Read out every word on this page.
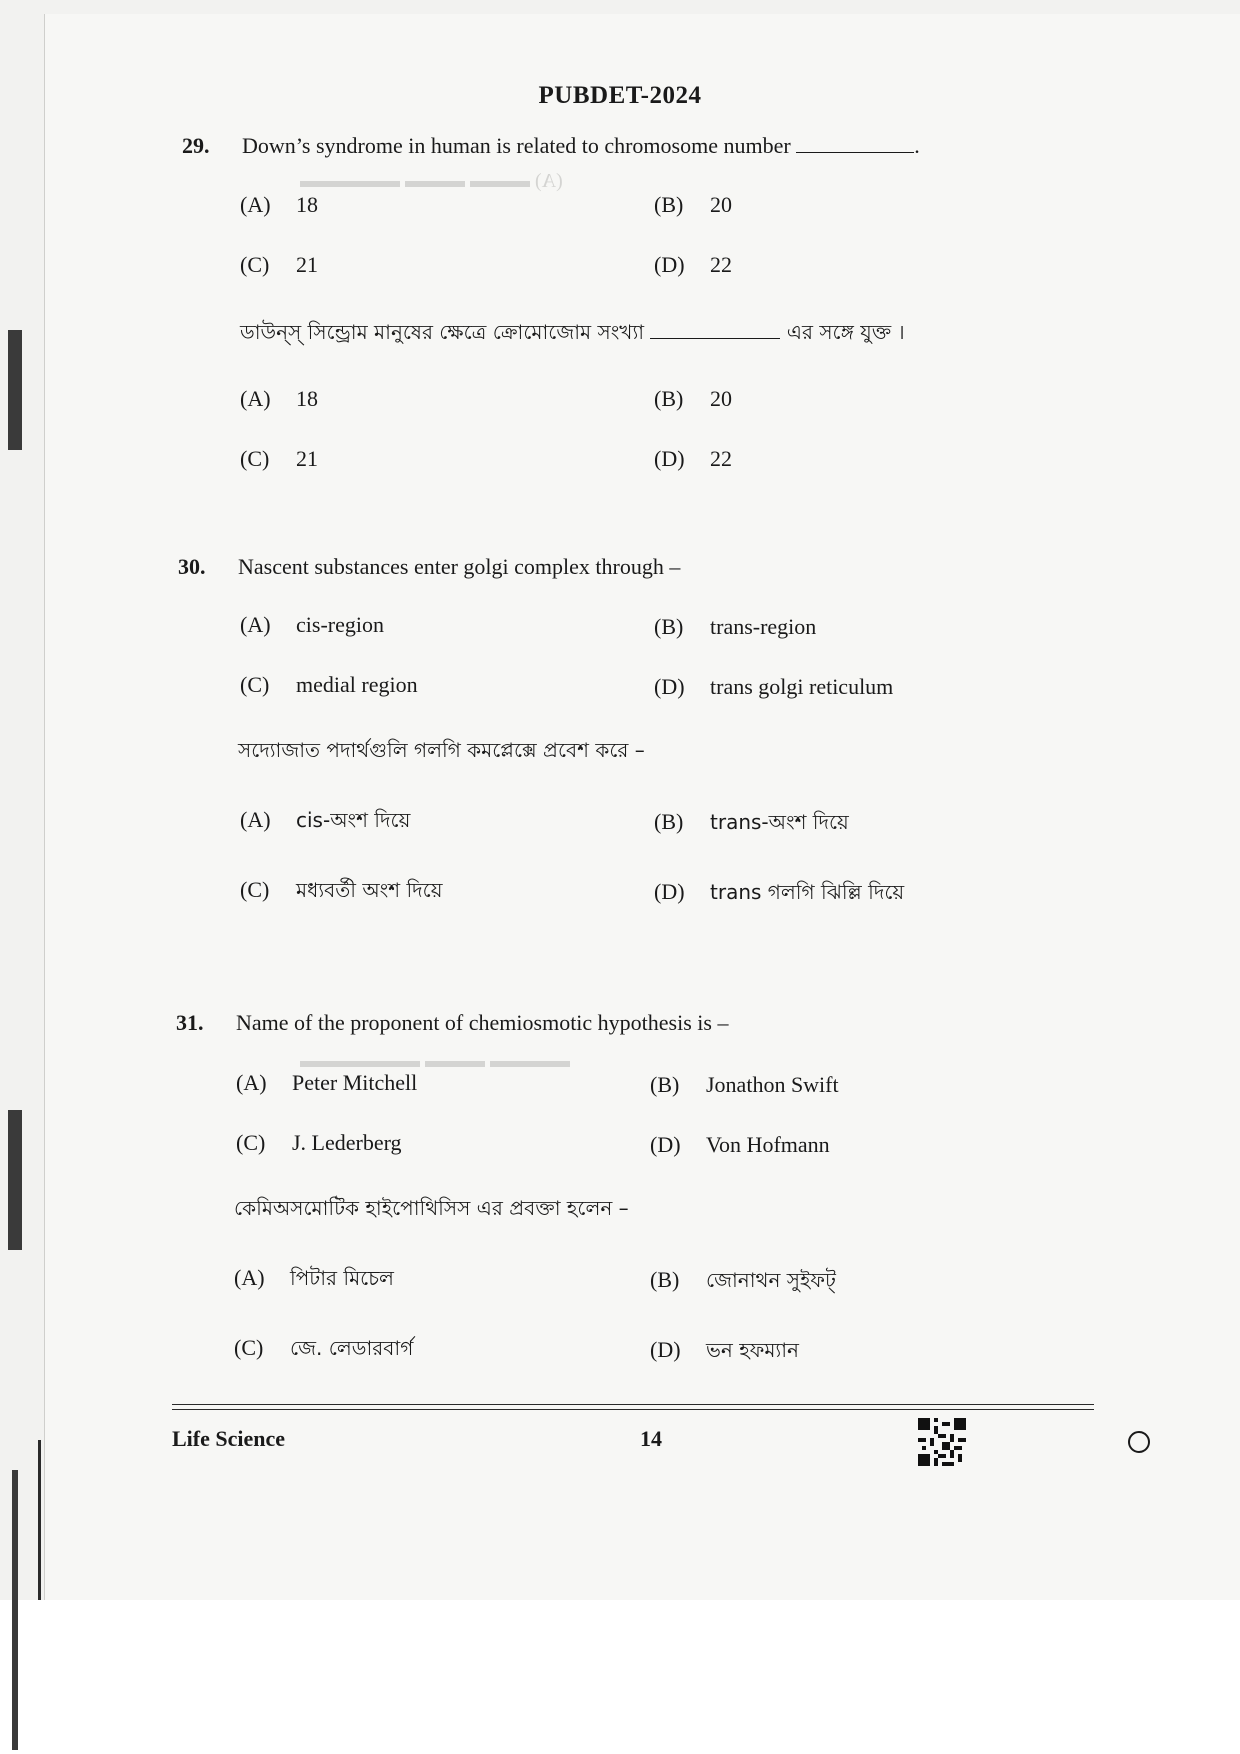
(A) ▬▬▬ ▬▬▬ ▬▬▬▬▬
▬▬▬▬ ▬▬▬ ▬▬▬▬▬▬
PUBDET-2024
29. Down’s syndrome in human is related to chromosome number	.
(A) 18	(B) 20
(C) 21	(D) 22
ডাউন্‌স্‌ সিন্ড্রোম মানুষের ক্ষেত্রে ক্রোমোজোম সংখ্যা	এর সঙ্গে যুক্ত ।
(A) 18	(B) 20
(C) 21	(D) 22
30. Nascent substances enter golgi complex through –
(A) cis-region	(B) trans-region
(C) medial region	(D) trans golgi reticulum
সদ্যোজাত পদার্থগুলি গলগি কমপ্লেক্সে প্রবেশ করে –
(A) cis-অংশ দিয়ে	(B) trans-অংশ দিয়ে
(C) মধ্যবর্তী অংশ দিয়ে	(D) trans গলগি ঝিল্লি দিয়ে
31. Name of the proponent of chemiosmotic hypothesis is –
(A) Peter Mitchell	(B) Jonathon Swift
(C) J. Lederberg	(D) Von Hofmann
কেমিঅসমোটিক হাইপোথিসিস এর প্রবক্তা হলেন –
(A) পিটার মিচেল	(B) জোনাথন সুইফট্‌
(C) জে. লেডারবার্গ	(D) ভন হফম্যান
Life Science	14
